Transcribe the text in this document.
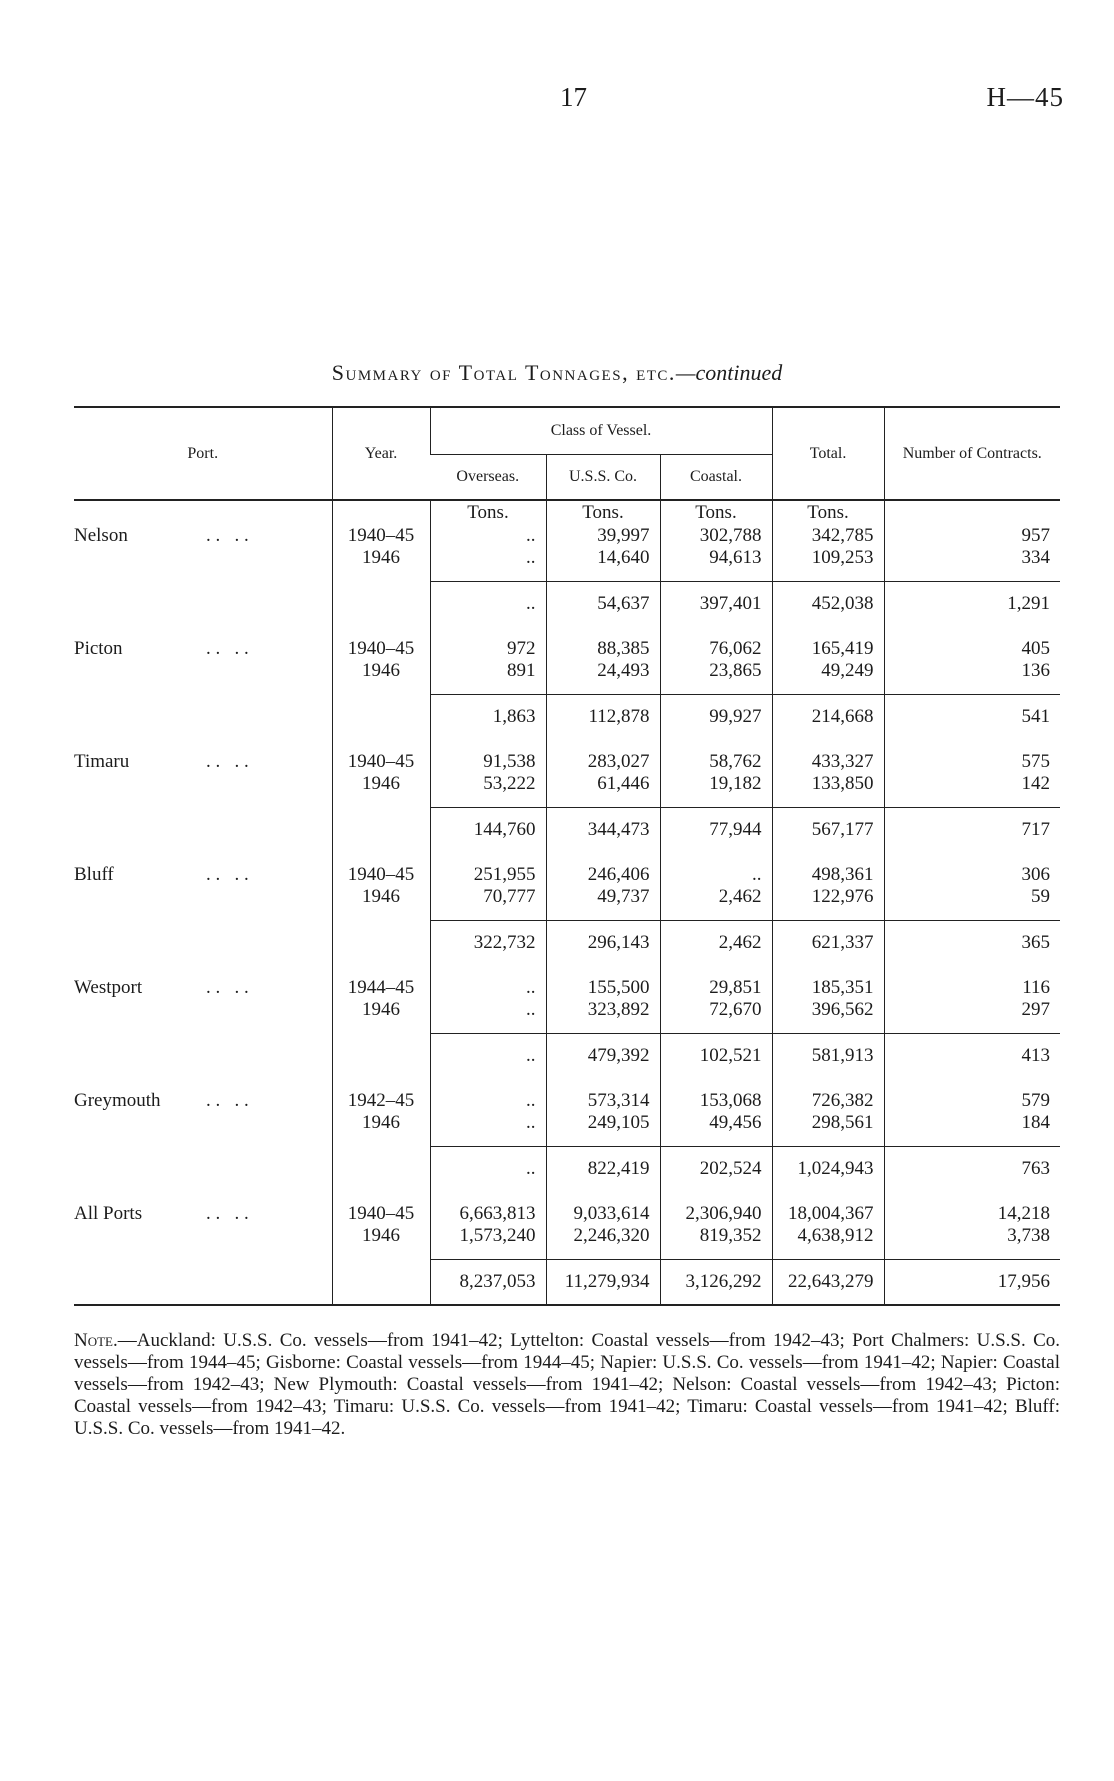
17	H—45
Summary of Total Tonnages, etc.—continued
Port.	Year.	Class of Vessel.			Total.	Number of Contracts.
		Overseas.	U.S.S. Co.	Coastal.		
		Tons.	Tons.	Tons.	Tons.	
Nelson . .   . .	1940–45	..	39,997	302,788	342,785	957
	1946	..	14,640	94,613	109,253	334

		..	54,637	397,401	452,038	1,291

Picton . .   . .	1940–45	972	88,385	76,062	165,419	405
	1946	891	24,493	23,865	49,249	136

		1,863	112,878	99,927	214,668	541

Timaru . .   . .	1940–45	91,538	283,027	58,762	433,327	575
	1946	53,222	61,446	19,182	133,850	142

		144,760	344,473	77,944	567,177	717

Bluff . .   . .	1940–45	251,955	246,406	..	498,361	306
	1946	70,777	49,737	2,462	122,976	59

		322,732	296,143	2,462	621,337	365

Westport . .   . .	1944–45	..	155,500	29,851	185,351	116
	1946	..	323,892	72,670	396,562	297

		..	479,392	102,521	581,913	413

Greymouth . .   . .	1942–45	..	573,314	153,068	726,382	579
	1946	..	249,105	49,456	298,561	184

		..	822,419	202,524	1,024,943	763

All Ports . .   . .	1940–45	6,663,813	9,033,614	2,306,940	18,004,367	14,218
	1946	1,573,240	2,246,320	819,352	4,638,912	3,738

		8,237,053	11,279,934	3,126,292	22,643,279	17,956
Note.—Auckland: U.S.S. Co. vessels—from 1941–42; Lyttelton: Coastal vessels—from 1942–43; Port Chalmers: U.S.S. Co. vessels—from 1944–45; Gisborne: Coastal vessels—from 1944–45; Napier: U.S.S. Co. vessels—from 1941–42; Napier: Coastal vessels—from 1942–43; New Plymouth: Coastal vessels—from 1941–42; Nelson: Coastal vessels—from 1942–43; Picton: Coastal vessels—from 1942–43; Timaru: U.S.S. Co. vessels—from 1941–42; Timaru: Coastal vessels—from 1941–42; Bluff: U.S.S. Co. vessels—from 1941–42.
